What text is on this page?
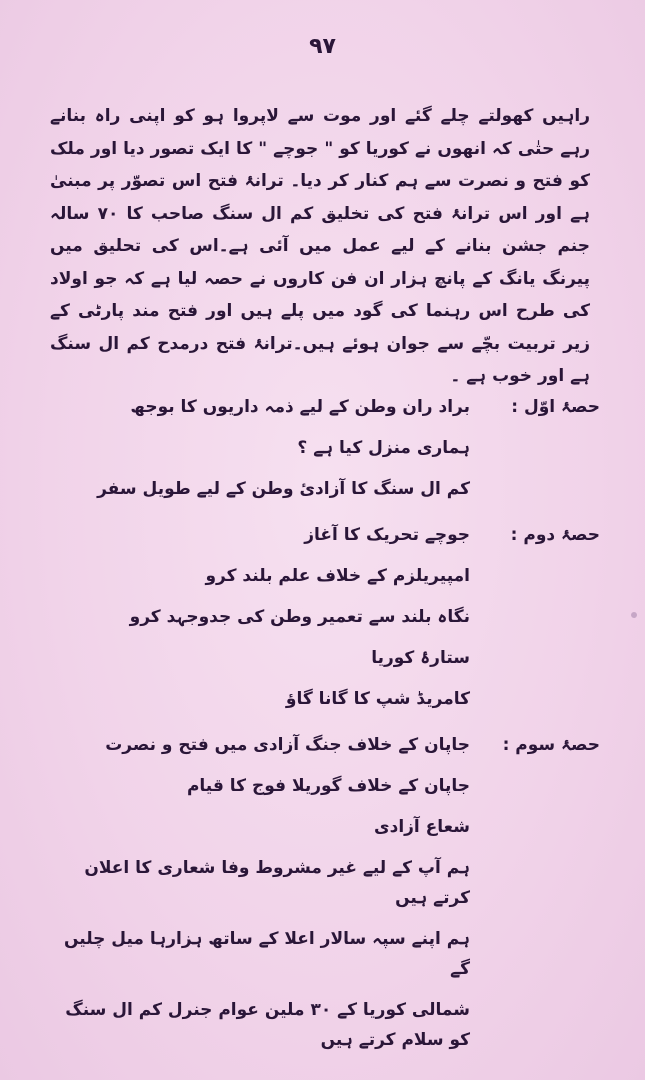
۹۷

راہیں کھولتے چلے گئے اور موت سے لاپروا ہو کو اپنی راہ بنانے رہے حتٰی کہ انھوں نے کوریا کو " جوچے " کا ایک تصور دیا اور ملک کو فتح و نصرت سے ہم کنار کر دیا۔ ترانۂ فتح اس تصوّر پر مبنیٰ ہے اور اس ترانۂ فتح کی تخلیق کم ال سنگ صاحب کا ۷۰ سالہ جنم جشن بنانے کے لیے عمل میں آئی ہے۔اس کی تحلیق میں پیرنگ یانگ کے پانچ ہزار ان فن کاروں نے حصہ لیا ہے کہ جو اولاد کی طرح اس رہنما کی گود میں پلے ہیں اور فتح مند پارٹی کے زیر تربیت بچّے سے جوان ہوئے ہیں۔ترانۂ فتح درمدح کم ال سنگ ہے اور خوب ہے ۔

حصۂ اوّل :
براد ران وطن کے لیے ذمہ داریوں کا بوجھ
ہماری منزل کیا ہے ؟
کم ال سنگ کا آزادیٔ وطن کے لیے طویل سفر
حصۂ دوم :
جوچے تحریک کا آغاز
امپیریلزم کے خلاف علم بلند کرو
نگاہ بلند سے تعمیر وطن کی جدوجہد کرو
ستارۂ کوریا
کامریڈ شپ کا گانا گاؤ
حصۂ سوم :
جاپان کے خلاف جنگ آزادی میں فتح و نصرت
جاپان کے خلاف گوریلا فوج کا قیام
شعاع آزادی
ہم آپ کے لیے غیر مشروط وفا شعاری کا اعلان کرتے ہیں
ہم اپنے سپہ سالار اعلا کے ساتھ ہزارہا میل چلیں گے
شمالی کوریا کے ۳۰ ملین عوام جنرل کم ال سنگ کو سلام کرتے ہیں
